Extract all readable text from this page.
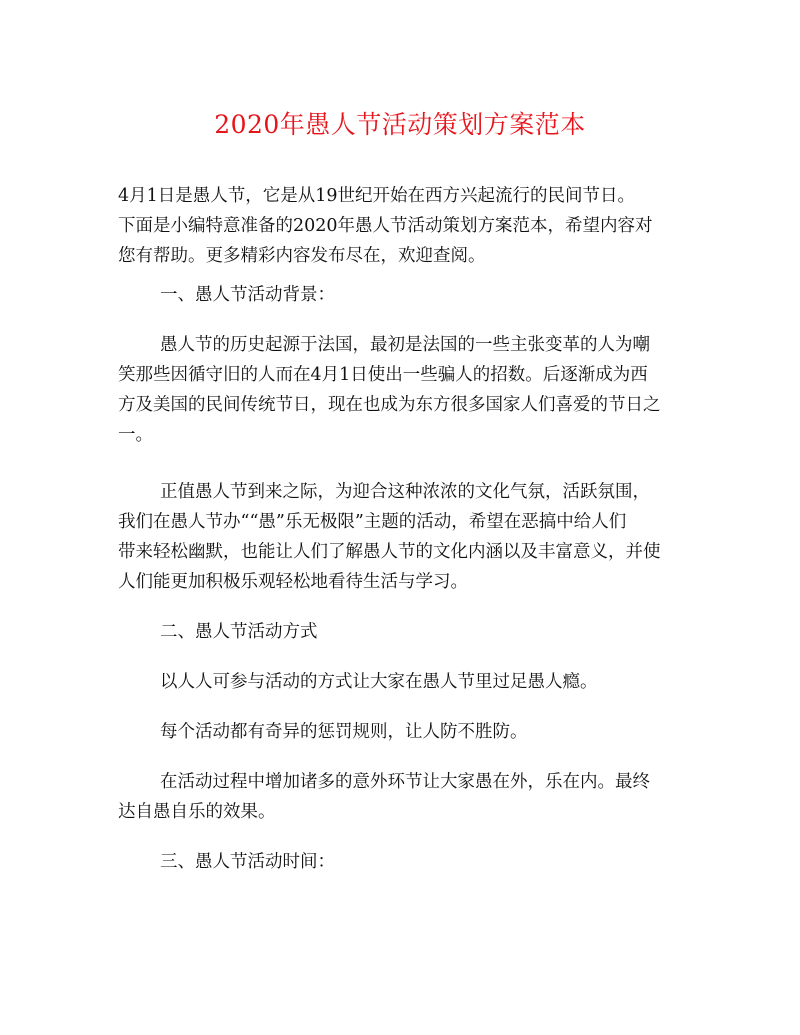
2020年愚人节活动策划方案范本
4月1日是愚人节，它是从19世纪开始在西方兴起流行的民间节日。
下面是小编特意准备的2020年愚人节活动策划方案范本，希望内容对
您有帮助。更多精彩内容发布尽在，欢迎查阅。
一、愚人节活动背景：
愚人节的历史起源于法国，最初是法国的一些主张变革的人为嘲
笑那些因循守旧的人而在4月1日使出一些骗人的招数。后逐渐成为西
方及美国的民间传统节日，现在也成为东方很多国家人们喜爱的节日之
一。
正值愚人节到来之际，为迎合这种浓浓的文化气氛，活跃氛围，
我们在愚人节办““愚”乐无极限”主题的活动，希望在恶搞中给人们
带来轻松幽默，也能让人们了解愚人节的文化内涵以及丰富意义，并使
人们能更加积极乐观轻松地看待生活与学习。
二、愚人节活动方式
以人人可参与活动的方式让大家在愚人节里过足愚人瘾。
每个活动都有奇异的惩罚规则，让人防不胜防。
在活动过程中增加诸多的意外环节让大家愚在外，乐在内。最终
达自愚自乐的效果。
三、愚人节活动时间：
